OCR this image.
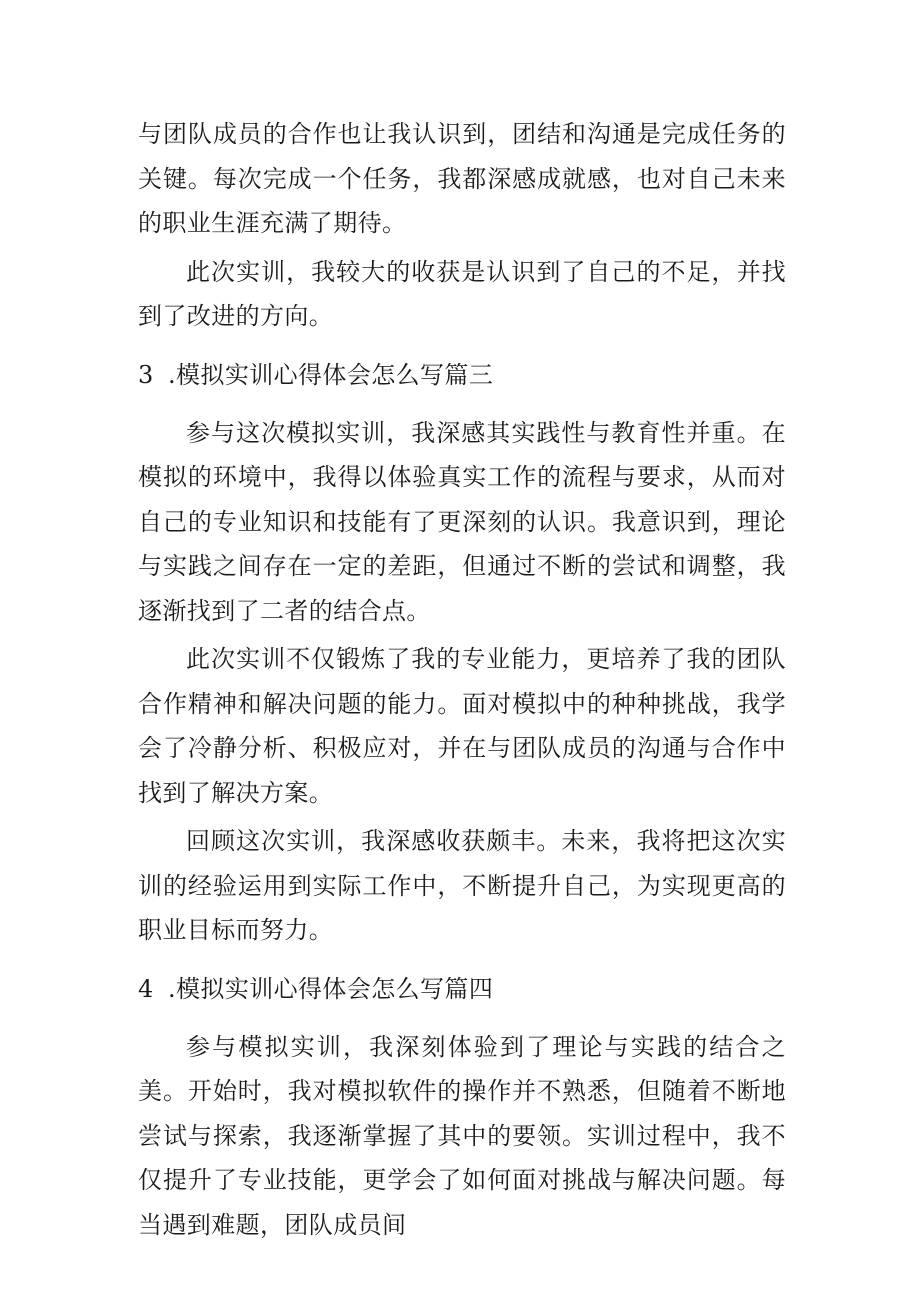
与团队成员的合作也让我认识到，团结和沟通是完成任务的关键。每次完成一个任务，我都深感成就感，也对自己未来的职业生涯充满了期待。

此次实训，我较大的收获是认识到了自己的不足，并找到了改进的方向。

3 .模拟实训心得体会怎么写篇三

参与这次模拟实训，我深感其实践性与教育性并重。在模拟的环境中，我得以体验真实工作的流程与要求，从而对自己的专业知识和技能有了更深刻的认识。我意识到，理论与实践之间存在一定的差距，但通过不断的尝试和调整，我逐渐找到了二者的结合点。

此次实训不仅锻炼了我的专业能力，更培养了我的团队合作精神和解决问题的能力。面对模拟中的种种挑战，我学会了冷静分析、积极应对，并在与团队成员的沟通与合作中找到了解决方案。

回顾这次实训，我深感收获颇丰。未来，我将把这次实训的经验运用到实际工作中，不断提升自己，为实现更高的职业目标而努力。

4 .模拟实训心得体会怎么写篇四

参与模拟实训，我深刻体验到了理论与实践的结合之美。开始时，我对模拟软件的操作并不熟悉，但随着不断地尝试与探索，我逐渐掌握了其中的要领。实训过程中，我不仅提升了专业技能，更学会了如何面对挑战与解决问题。每当遇到难题，团队成员间
